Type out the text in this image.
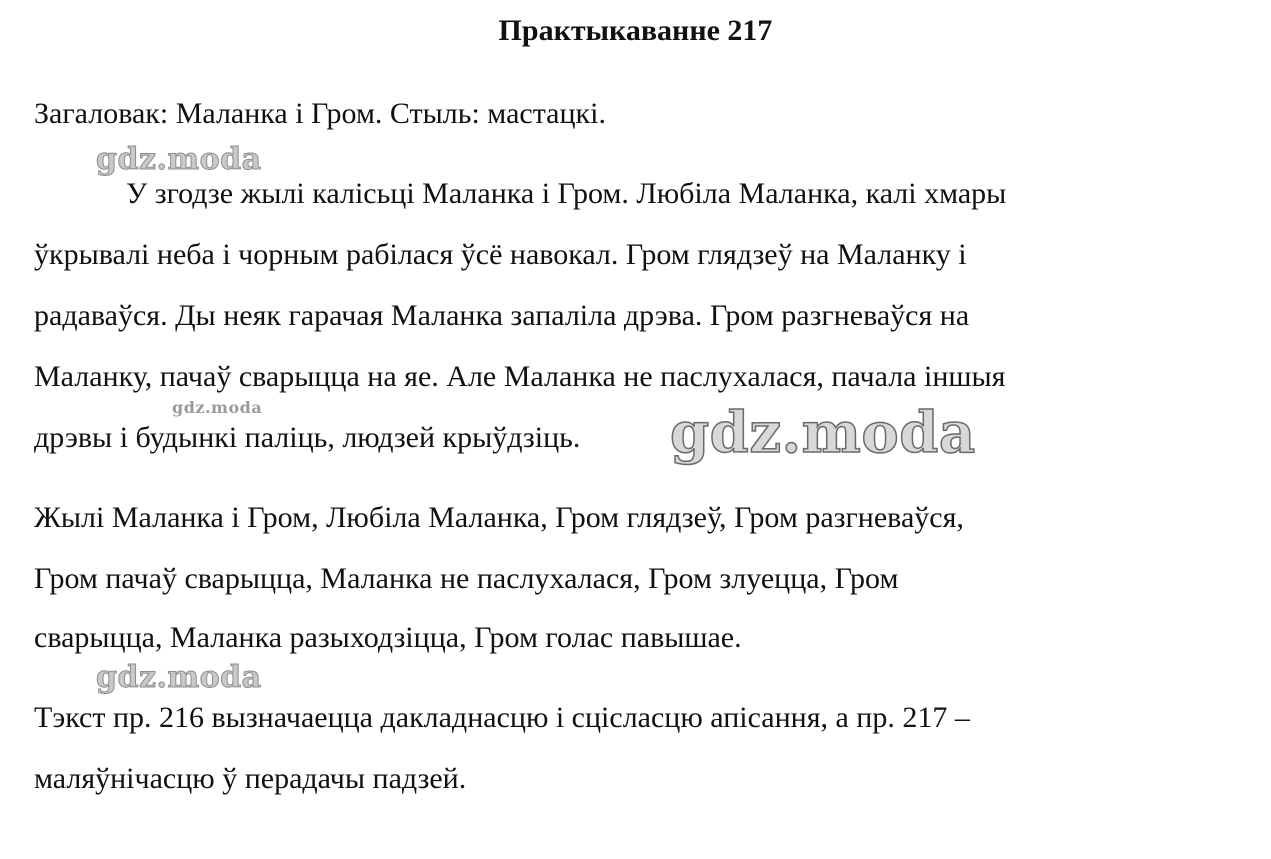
Практыкаванне 217
Загаловак: Маланка і Гром. Стыль: мастацкі.
gdz.moda
У згодзе жылі калісьці Маланка і Гром. Любіла Маланка, калі хмары
ўкрывалі неба і чорным рабілася ўсё навокал. Гром глядзеў на Маланку і
радаваўся. Ды неяк гарачая Маланка запаліла дрэва. Гром разгневаўся на
Маланку, пачаў сварыцца на яе. Але Маланка не паслухалася, пачала іншыя
gdz.moda
дрэвы і будынкі паліць, людзей крыўдзіць. gdz.moda
Жылі Маланка і Гром, Любіла Маланка, Гром глядзеў, Гром разгневаўся,
Гром пачаў сварыцца, Маланка не паслухалася, Гром злуецца, Гром
сварыцца, Маланка разыходзіцца, Гром голас павышае.
gdz.moda
Тэкст пр. 216 вызначаецца дакладнасцю і сцісласцю апісання, а пр. 217 –
маляўнічасцю ў перадачы падзей.
